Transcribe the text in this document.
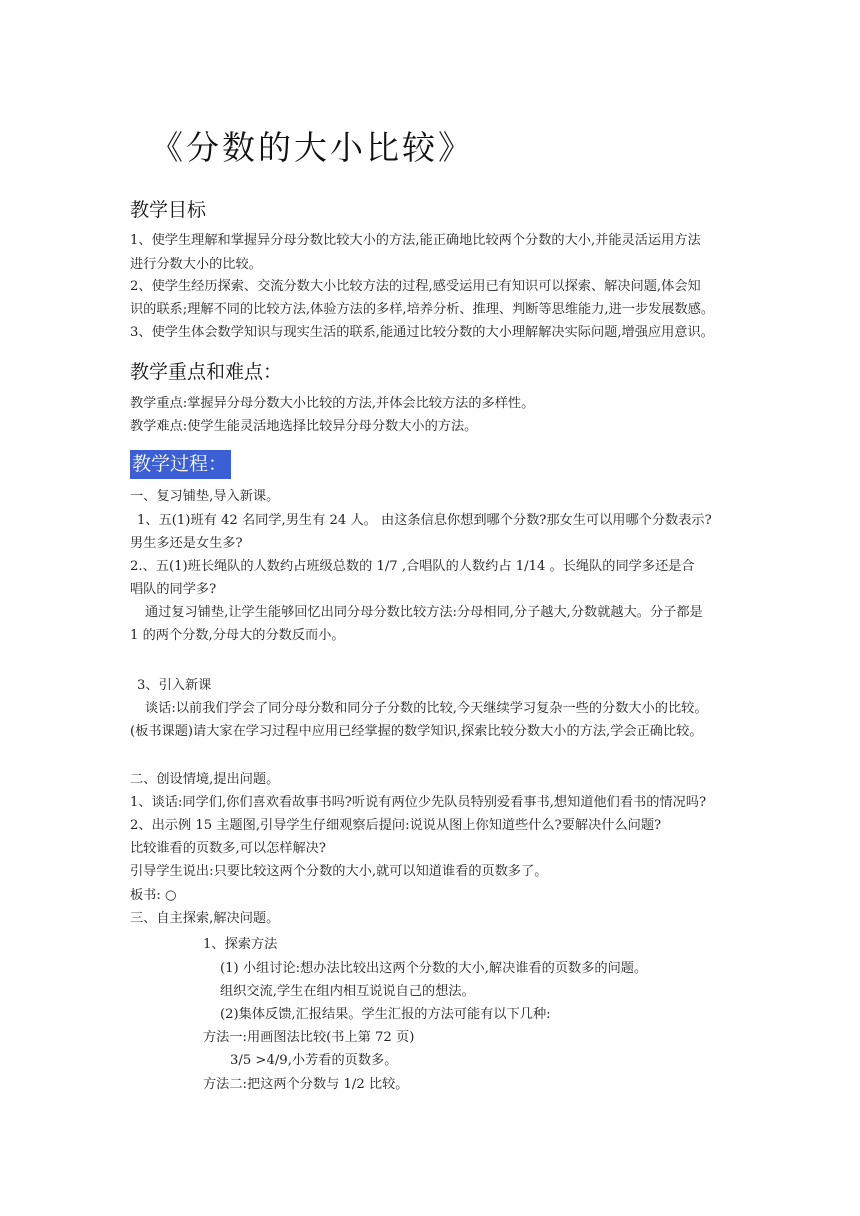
《分数的大小比较》
教学目标
1、使学生理解和掌握异分母分数比较大小的方法,能正确地比较两个分数的大小,并能灵活运用方法
进行分数大小的比较。
2、使学生经历探索、交流分数大小比较方法的过程,感受运用已有知识可以探索、解决问题,体会知
识的联系;理解不同的比较方法,体验方法的多样,培养分析、推理、判断等思维能力,进一步发展数感。
3、使学生体会数学知识与现实生活的联系,能通过比较分数的大小理解解决实际问题,增强应用意识。
教学重点和难点：
教学重点:掌握异分母分数大小比较的方法,并体会比较方法的多样性。
教学难点:使学生能灵活地选择比较异分母分数大小的方法。
教学过程：
一、复习铺垫,导入新课。
1、五(1)班有 42 名同学,男生有 24 人。 由这条信息你想到哪个分数?那女生可以用哪个分数表示?
男生多还是女生多?
2.、五(1)班长绳队的人数约占班级总数的 1/7 ,合唱队的人数约占 1/14 。长绳队的同学多还是合
唱队的同学多?
通过复习铺垫,让学生能够回忆出同分母分数比较方法:分母相同,分子越大,分数就越大。分子都是
1 的两个分数,分母大的分数反而小。
3、引入新课
谈话:以前我们学会了同分母分数和同分子分数的比较,今天继续学习复杂一些的分数大小的比较。
(板书课题)请大家在学习过程中应用已经掌握的数学知识,探索比较分数大小的方法,学会正确比较。
二、创设情境,提出问题。
1、谈话:同学们,你们喜欢看故事书吗?听说有两位少先队员特别爱看事书,想知道他们看书的情况吗?
2、出示例 15 主题图,引导学生仔细观察后提问:说说从图上你知道些什么?要解决什么问题?
比较谁看的页数多,可以怎样解决?
引导学生说出:只要比较这两个分数的大小,就可以知道谁看的页数多了。
板书: ○
三、自主探索,解决问题。
1、探索方法
(1) 小组讨论:想办法比较出这两个分数的大小,解决谁看的页数多的问题。
组织交流,学生在组内相互说说自己的想法。
(2)集体反馈,汇报结果。学生汇报的方法可能有以下几种:
方法一:用画图法比较(书上第 72 页)
3/5 >4/9,小芳看的页数多。
方法二:把这两个分数与 1/2 比较。
